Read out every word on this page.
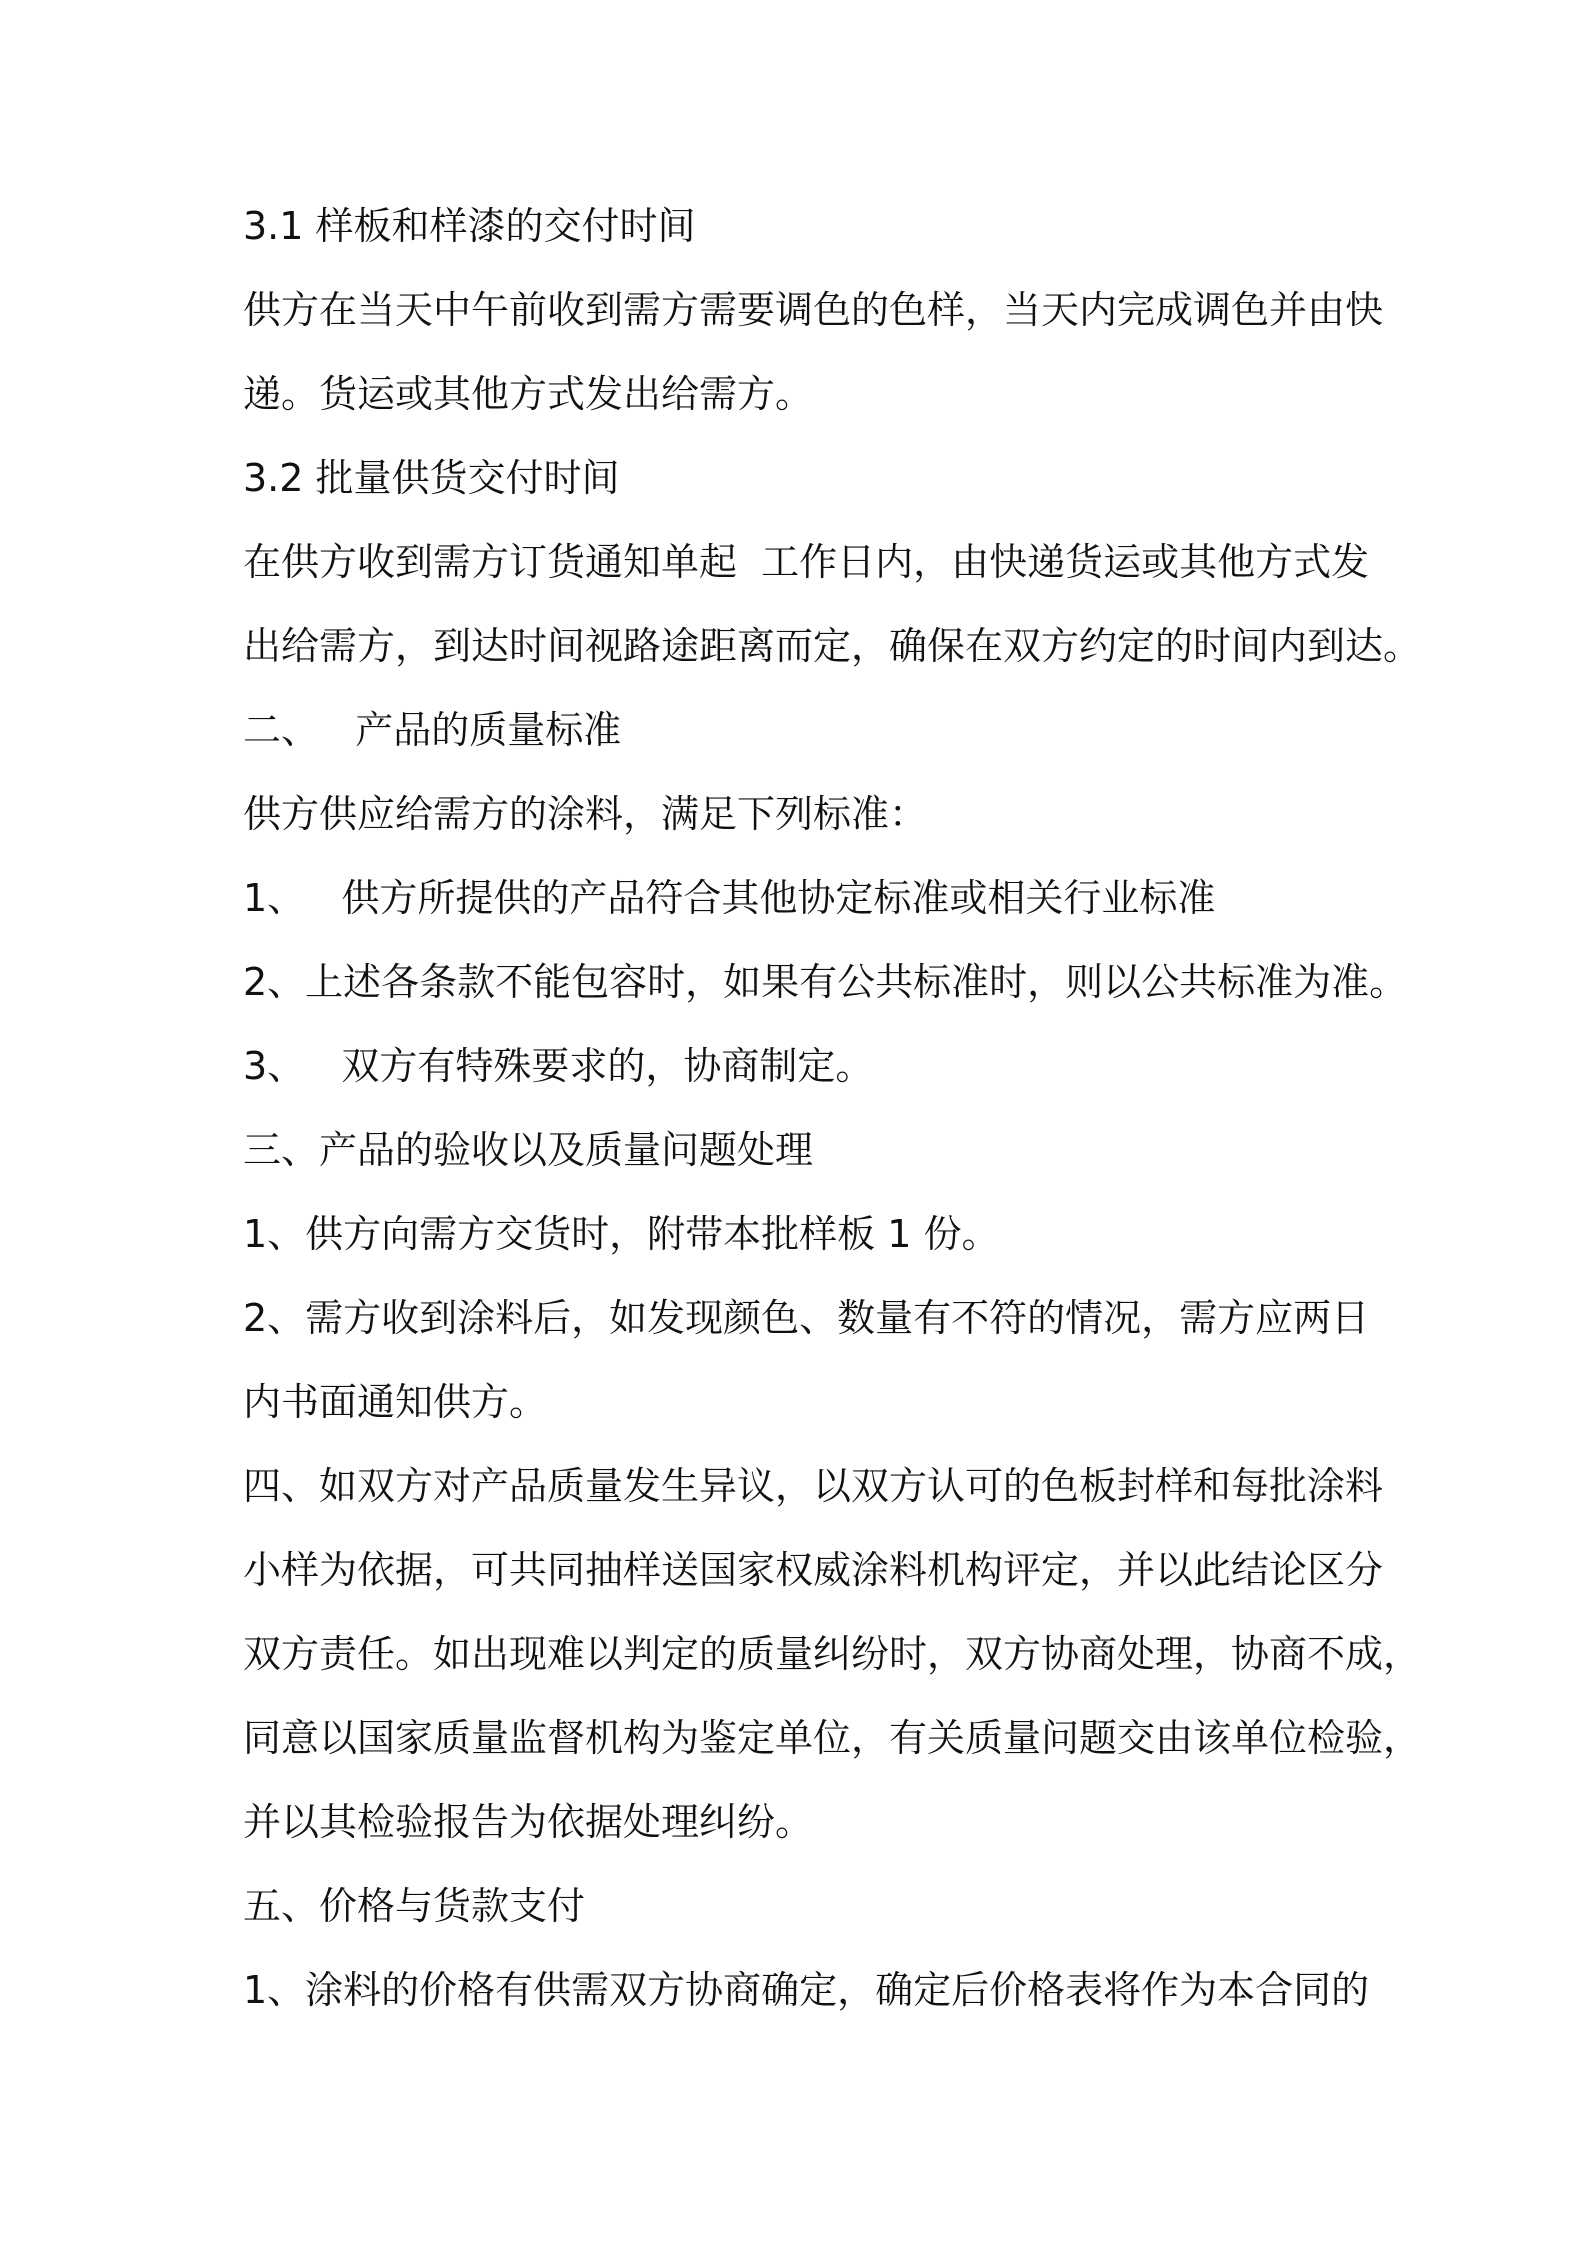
3.1 样板和样漆的交付时间
供方在当天中午前收到需方需要调色的色样，当天内完成调色并由快
递。货运或其他方式发出给需方。
3.2 批量供货交付时间
在供方收到需方订货通知单起  工作日内，由快递货运或其他方式发
出给需方，到达时间视路途距离而定，确保在双方约定的时间内到达。
二、   产品的质量标准
供方供应给需方的涂料，满足下列标准：
1、   供方所提供的产品符合其他协定标准或相关行业标准
2、上述各条款不能包容时，如果有公共标准时，则以公共标准为准。
3、   双方有特殊要求的，协商制定。
三、产品的验收以及质量问题处理
1、供方向需方交货时，附带本批样板 1 份。
2、需方收到涂料后，如发现颜色、数量有不符的情况，需方应两日
内书面通知供方。
四、如双方对产品质量发生异议，以双方认可的色板封样和每批涂料
小样为依据，可共同抽样送国家权威涂料机构评定，并以此结论区分
双方责任。如出现难以判定的质量纠纷时，双方协商处理，协商不成，
同意以国家质量监督机构为鉴定单位，有关质量问题交由该单位检验，
并以其检验报告为依据处理纠纷。
五、价格与货款支付
1、涂料的价格有供需双方协商确定，确定后价格表将作为本合同的
